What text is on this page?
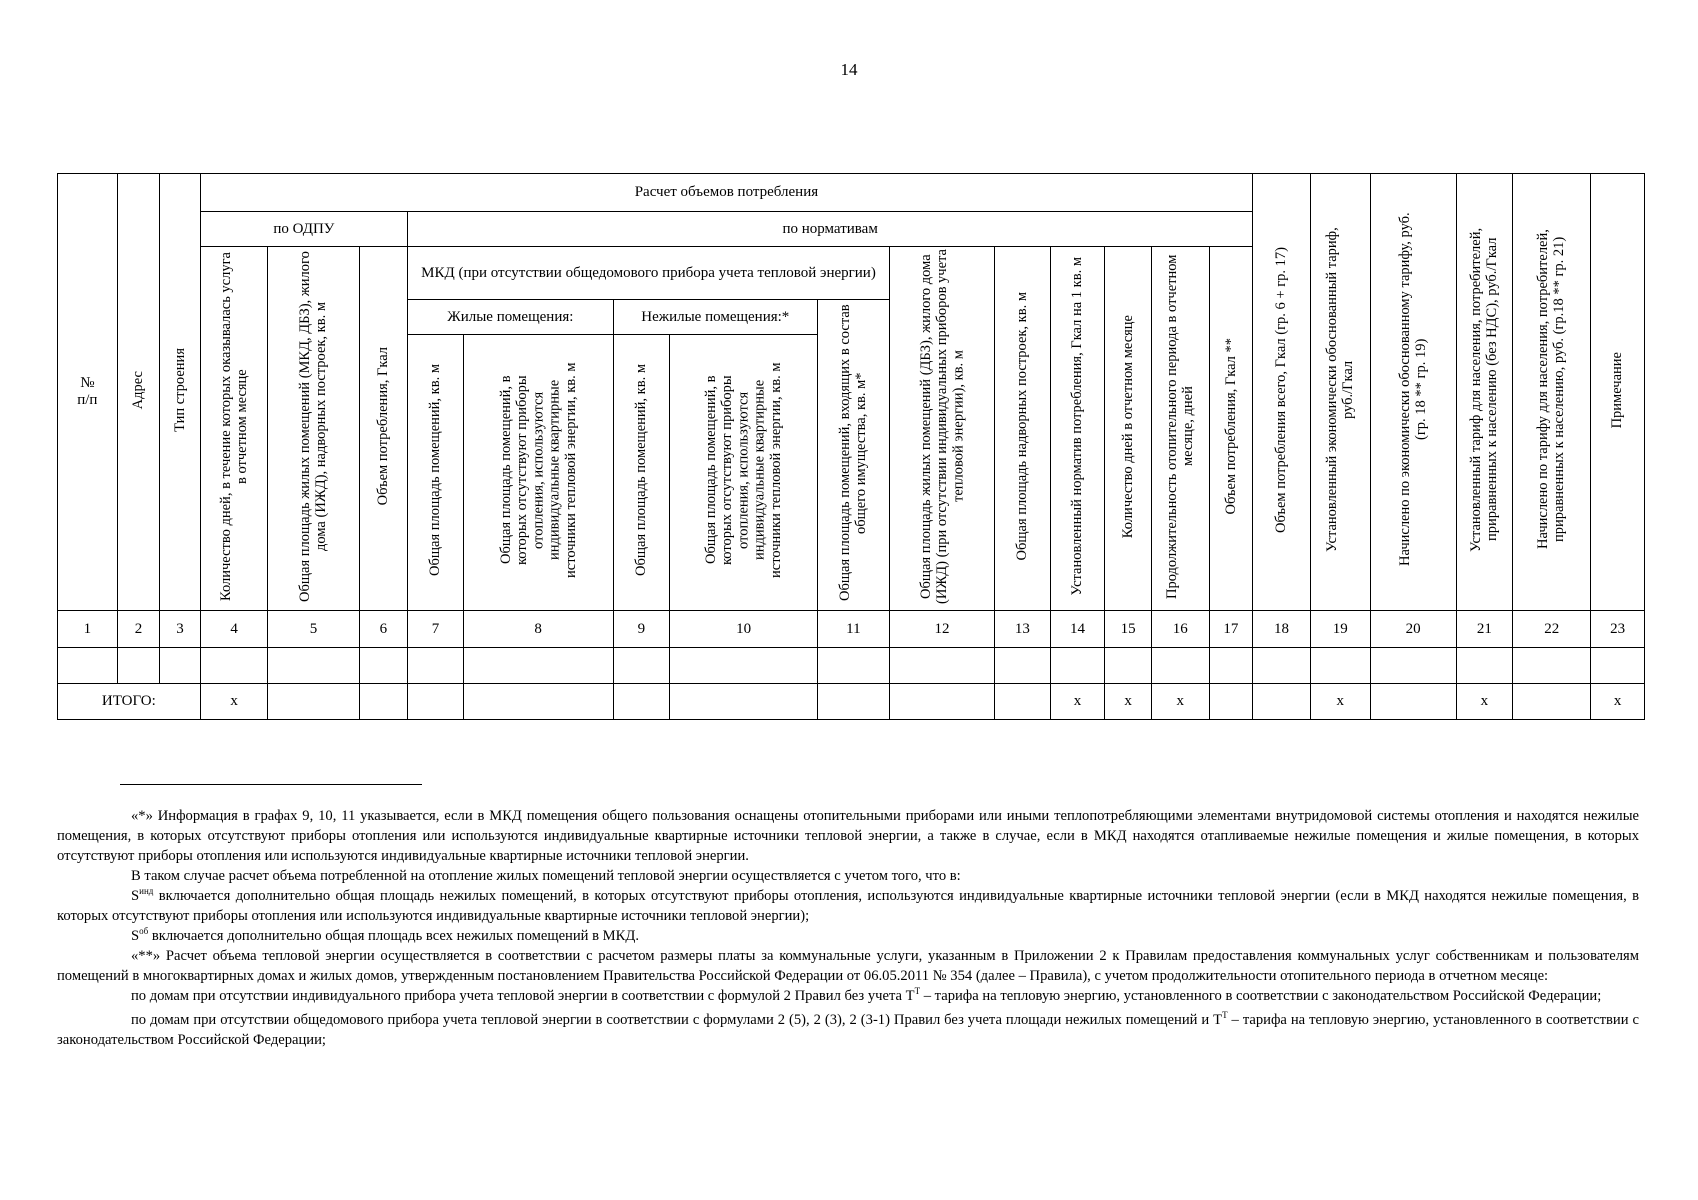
14
№
п/п	Адрес	Тип строения	Расчет объемов потребления														Объем потребления всего, Гкал (гр. 6 + гр. 17)	Установленный экономически обоснованный тариф, руб./Гкал	Начислено по экономически обоснованному тарифу, руб. (гр. 18 ** гр. 19)	Установленный тариф для населения, потребителей, приравненных к населению (без НДС), руб./Гкал	Начислено по тарифу для населения, потребителей, приравненных к населению, руб. (гр.18 ** гр. 21)	Примечание
			по ОДПУ			по нормативам																
			Количество дней, в течение которых оказывалась услуга в отчетном месяце	Общая площадь жилых помещений (МКД, ДБЗ), жилого дома (ИЖД), надворных построек, кв. м	Объем потребления, Гкал	МКД (при отсутствии общедомового прибора учета тепловой энергии)					Общая площадь жилых помещений (ДБЗ), жилого дома (ИЖД) (при отсутствии индивидуальных приборов учета тепловой энергии), кв. м	Общая площадь надворных построек, кв. м	Установленный норматив потребления, Гкал на 1 кв. м	Количество дней в отчетном месяце	Продолжительность отопительного периода в отчетном месяце, дней	Объем потребления, Гкал **						
						Жилые помещения:		Нежилые помещения:*		Общая площадь помещений, входящих в состав общего имущества, кв. м*												
						Общая площадь помещений, кв. м	Общая площадь помещений, в которых отсутствуют приборы отопления, используются индивидуальные квартирные источники тепловой энергии, кв. м	Общая площадь помещений, кв. м	Общая площадь помещений, в которых отсутствуют приборы отопления, используются индивидуальные квартирные источники тепловой энергии, кв. м													
1	2	3	4	5	6	7	8	9	10	11	12	13	14	15	16	17	18	19	20	21	22	23

ИТОГО:			x										x	x	x			x		x		x

«*» Информация в графах 9, 10, 11 указывается, если в МКД помещения общего пользования оснащены отопительными приборами или иными теплопотребляющими элементами внутридомовой системы отопления и находятся нежилые помещения, в которых отсутствуют приборы отопления или используются индивидуальные квартирные источники тепловой энергии, а также в случае, если в МКД находятся отапливаемые нежилые помещения и жилые помещения, в которых отсутствуют приборы отопления или используются индивидуальные квартирные источники тепловой энергии.

В таком случае расчет объема потребленной на отопление жилых помещений тепловой энергии осуществляется с учетом того, что в:

$S^{инд}$ включается дополнительно общая площадь нежилых помещений, в которых отсутствуют приборы отопления, используются индивидуальные квартирные источники тепловой энергии (если в МКД находятся нежилые помещения, в которых отсутствуют приборы отопления или используются индивидуальные квартирные источники тепловой энергии);

$S^{об}$ включается дополнительно общая площадь всех нежилых помещений в МКД.

«**» Расчет объема тепловой энергии осуществляется в соответствии с расчетом размеры платы за коммунальные услуги, указанным в Приложении 2 к Правилам предоставления коммунальных услуг собственникам и пользователям помещений в многоквартирных домах и жилых домов, утвержденным постановлением Правительства Российской Федерации от 06.05.2011 № 354 (далее – Правила), с учетом продолжительности отопительного периода в отчетном месяце:

по домам при отсутствии индивидуального прибора учета тепловой энергии в соответствии с формулой 2 Правил без учета $Т^Т$ – тарифа на тепловую энергию, установленного в соответствии с законодательством Российской Федерации;

по домам при отсутствии общедомового прибора учета тепловой энергии в соответствии с формулами 2 (5), 2 (3), 2 (3-1) Правил без учета площади нежилых помещений и $Т^Т$ – тарифа на тепловую энергию, установленного в соответствии с законодательством Российской Федерации;
